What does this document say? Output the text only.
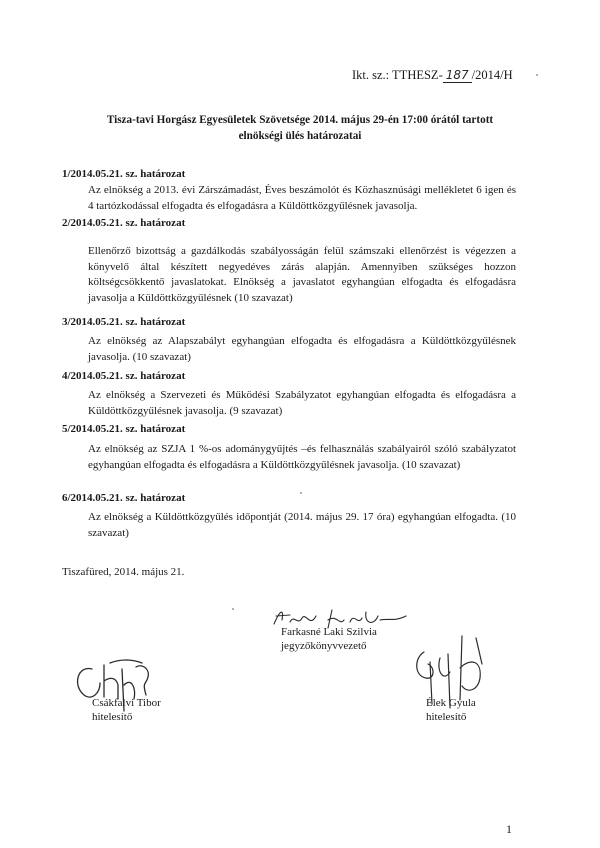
Ikt. sz.: TTHESZ- 187 /2014/H
Tisza-tavi Horgász Egyesületek Szövetsége 2014. május 29-én 17:00 órától tartott
elnökségi ülés határozatai
1/2014.05.21. sz. határozat
Az elnökség a 2013. évi Zárszámadást, Éves beszámolót és Közhasznúsági mellékletet 6 igen és 4 tartózkodással elfogadta és elfogadásra a Küldöttközgyűlésnek javasolja.
2/2014.05.21. sz. határozat
Ellenőrző bizottság a gazdálkodás szabályosságán felül számszaki ellenőrzést is végezzen a könyvelő által készített negyedéves zárás alapján. Amennyiben szükséges hozzon költségcsökkentő javaslatokat. Elnökség a javaslatot egyhangúan elfogadta és elfogadásra javasolja a Küldöttközgyűlésnek (10 szavazat)
3/2014.05.21. sz. határozat
Az elnökség az Alapszabályt egyhangúan elfogadta és elfogadásra a Küldöttközgyűlésnek javasolja. (10 szavazat)
4/2014.05.21. sz. határozat
Az elnökség a Szervezeti és Működési Szabályzatot egyhangúan elfogadta és elfogadásra a Küldöttközgyűlésnek javasolja. (9 szavazat)
5/2014.05.21. sz. határozat
Az elnökség az SZJA 1 %-os adománygyűjtés –és felhasználás szabályairól szóló szabályzatot egyhangúan elfogadta és elfogadásra a Küldöttközgyűlésnek javasolja. (10 szavazat)
6/2014.05.21. sz. határozat
Az elnökség a Küldöttközgyűlés időpontját (2014. május 29. 17 óra) egyhangúan elfogadta. (10 szavazat)
Tiszafüred, 2014. május 21.
Farkasné Laki Szilvia
jegyzőkönyvvezető
Csákfalvi Tibor
hitelesítő
Élek Gyula
hitelesítő
1
